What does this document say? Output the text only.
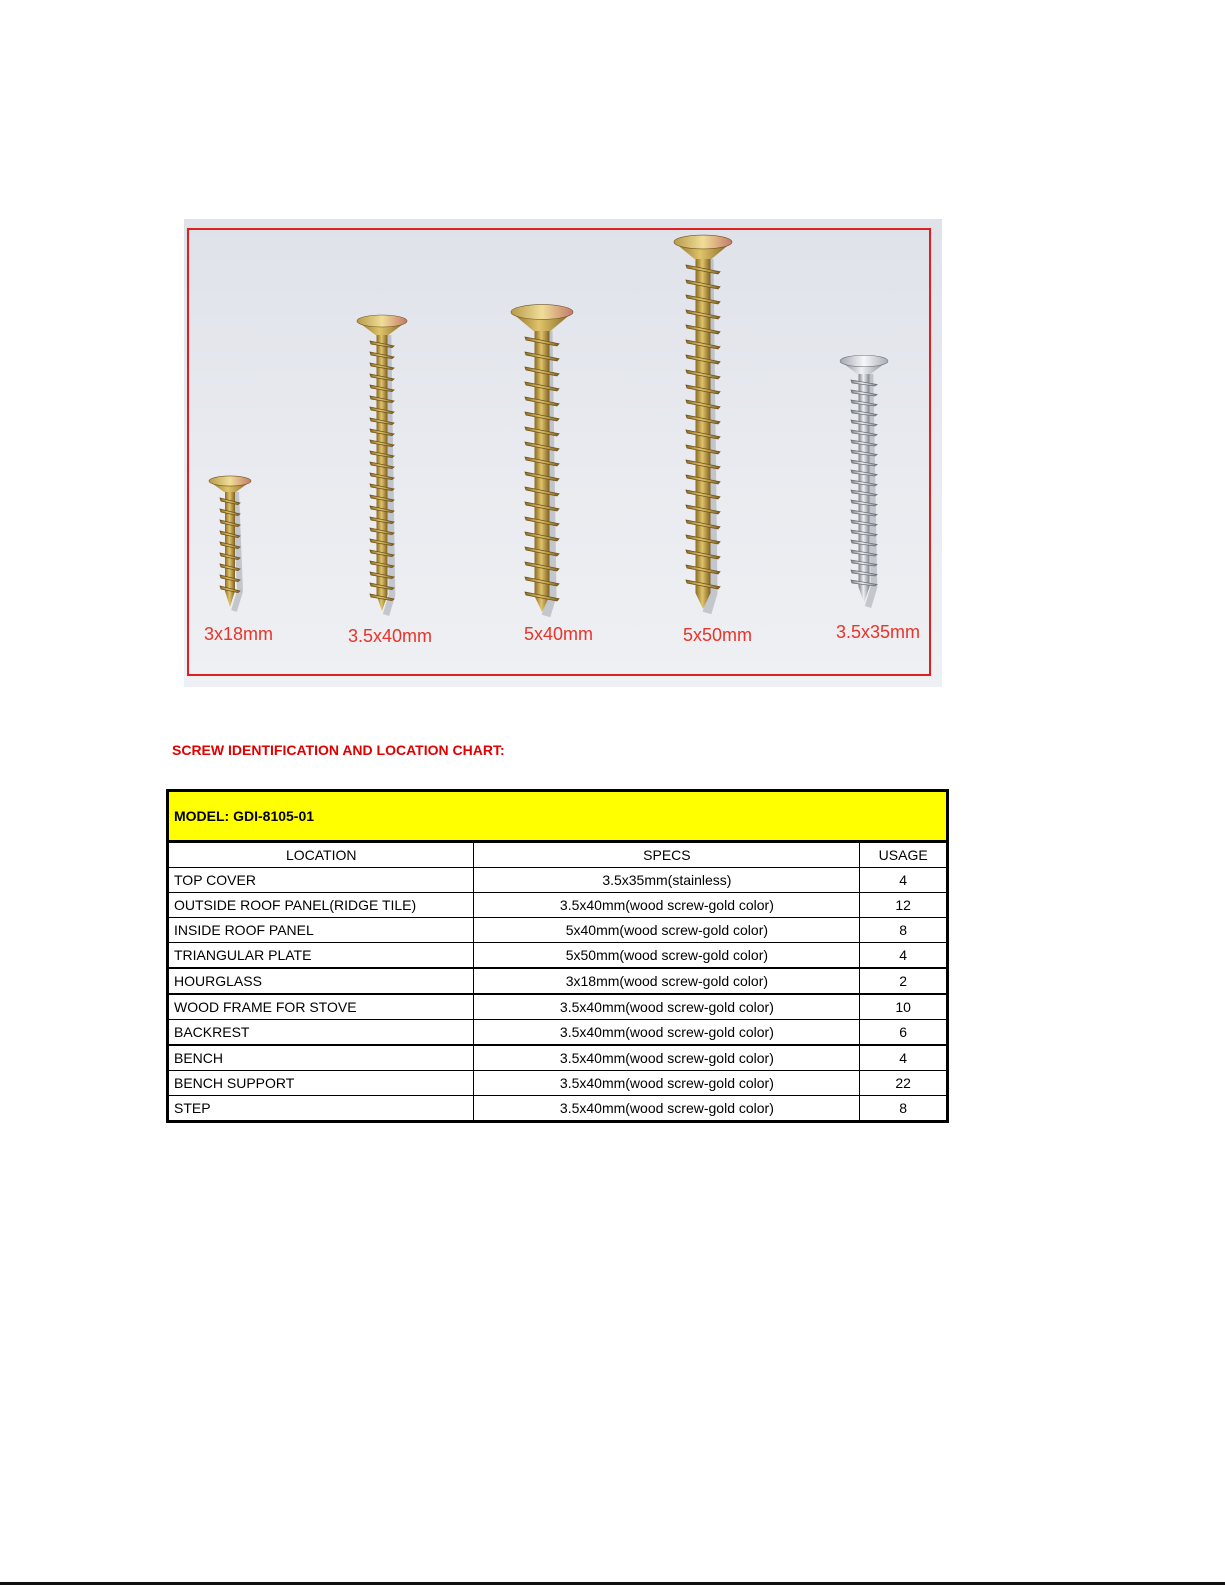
3x18mm	3.5x40mm	5x40mm	5x50mm	3.5x35mm
SCREW IDENTIFICATION AND LOCATION CHART:
MODEL: GDI-8105-01		
LOCATION	SPECS	USAGE
TOP COVER	3.5x35mm(stainless)	4
OUTSIDE ROOF PANEL(RIDGE TILE)	3.5x40mm(wood screw-gold color)	12
INSIDE ROOF PANEL	5x40mm(wood screw-gold color)	8
TRIANGULAR PLATE	5x50mm(wood screw-gold color)	4
HOURGLASS	3x18mm(wood screw-gold color)	2
WOOD FRAME FOR STOVE	3.5x40mm(wood screw-gold color)	10
BACKREST	3.5x40mm(wood screw-gold color)	6
BENCH	3.5x40mm(wood screw-gold color)	4
BENCH SUPPORT	3.5x40mm(wood screw-gold color)	22
STEP	3.5x40mm(wood screw-gold color)	8
